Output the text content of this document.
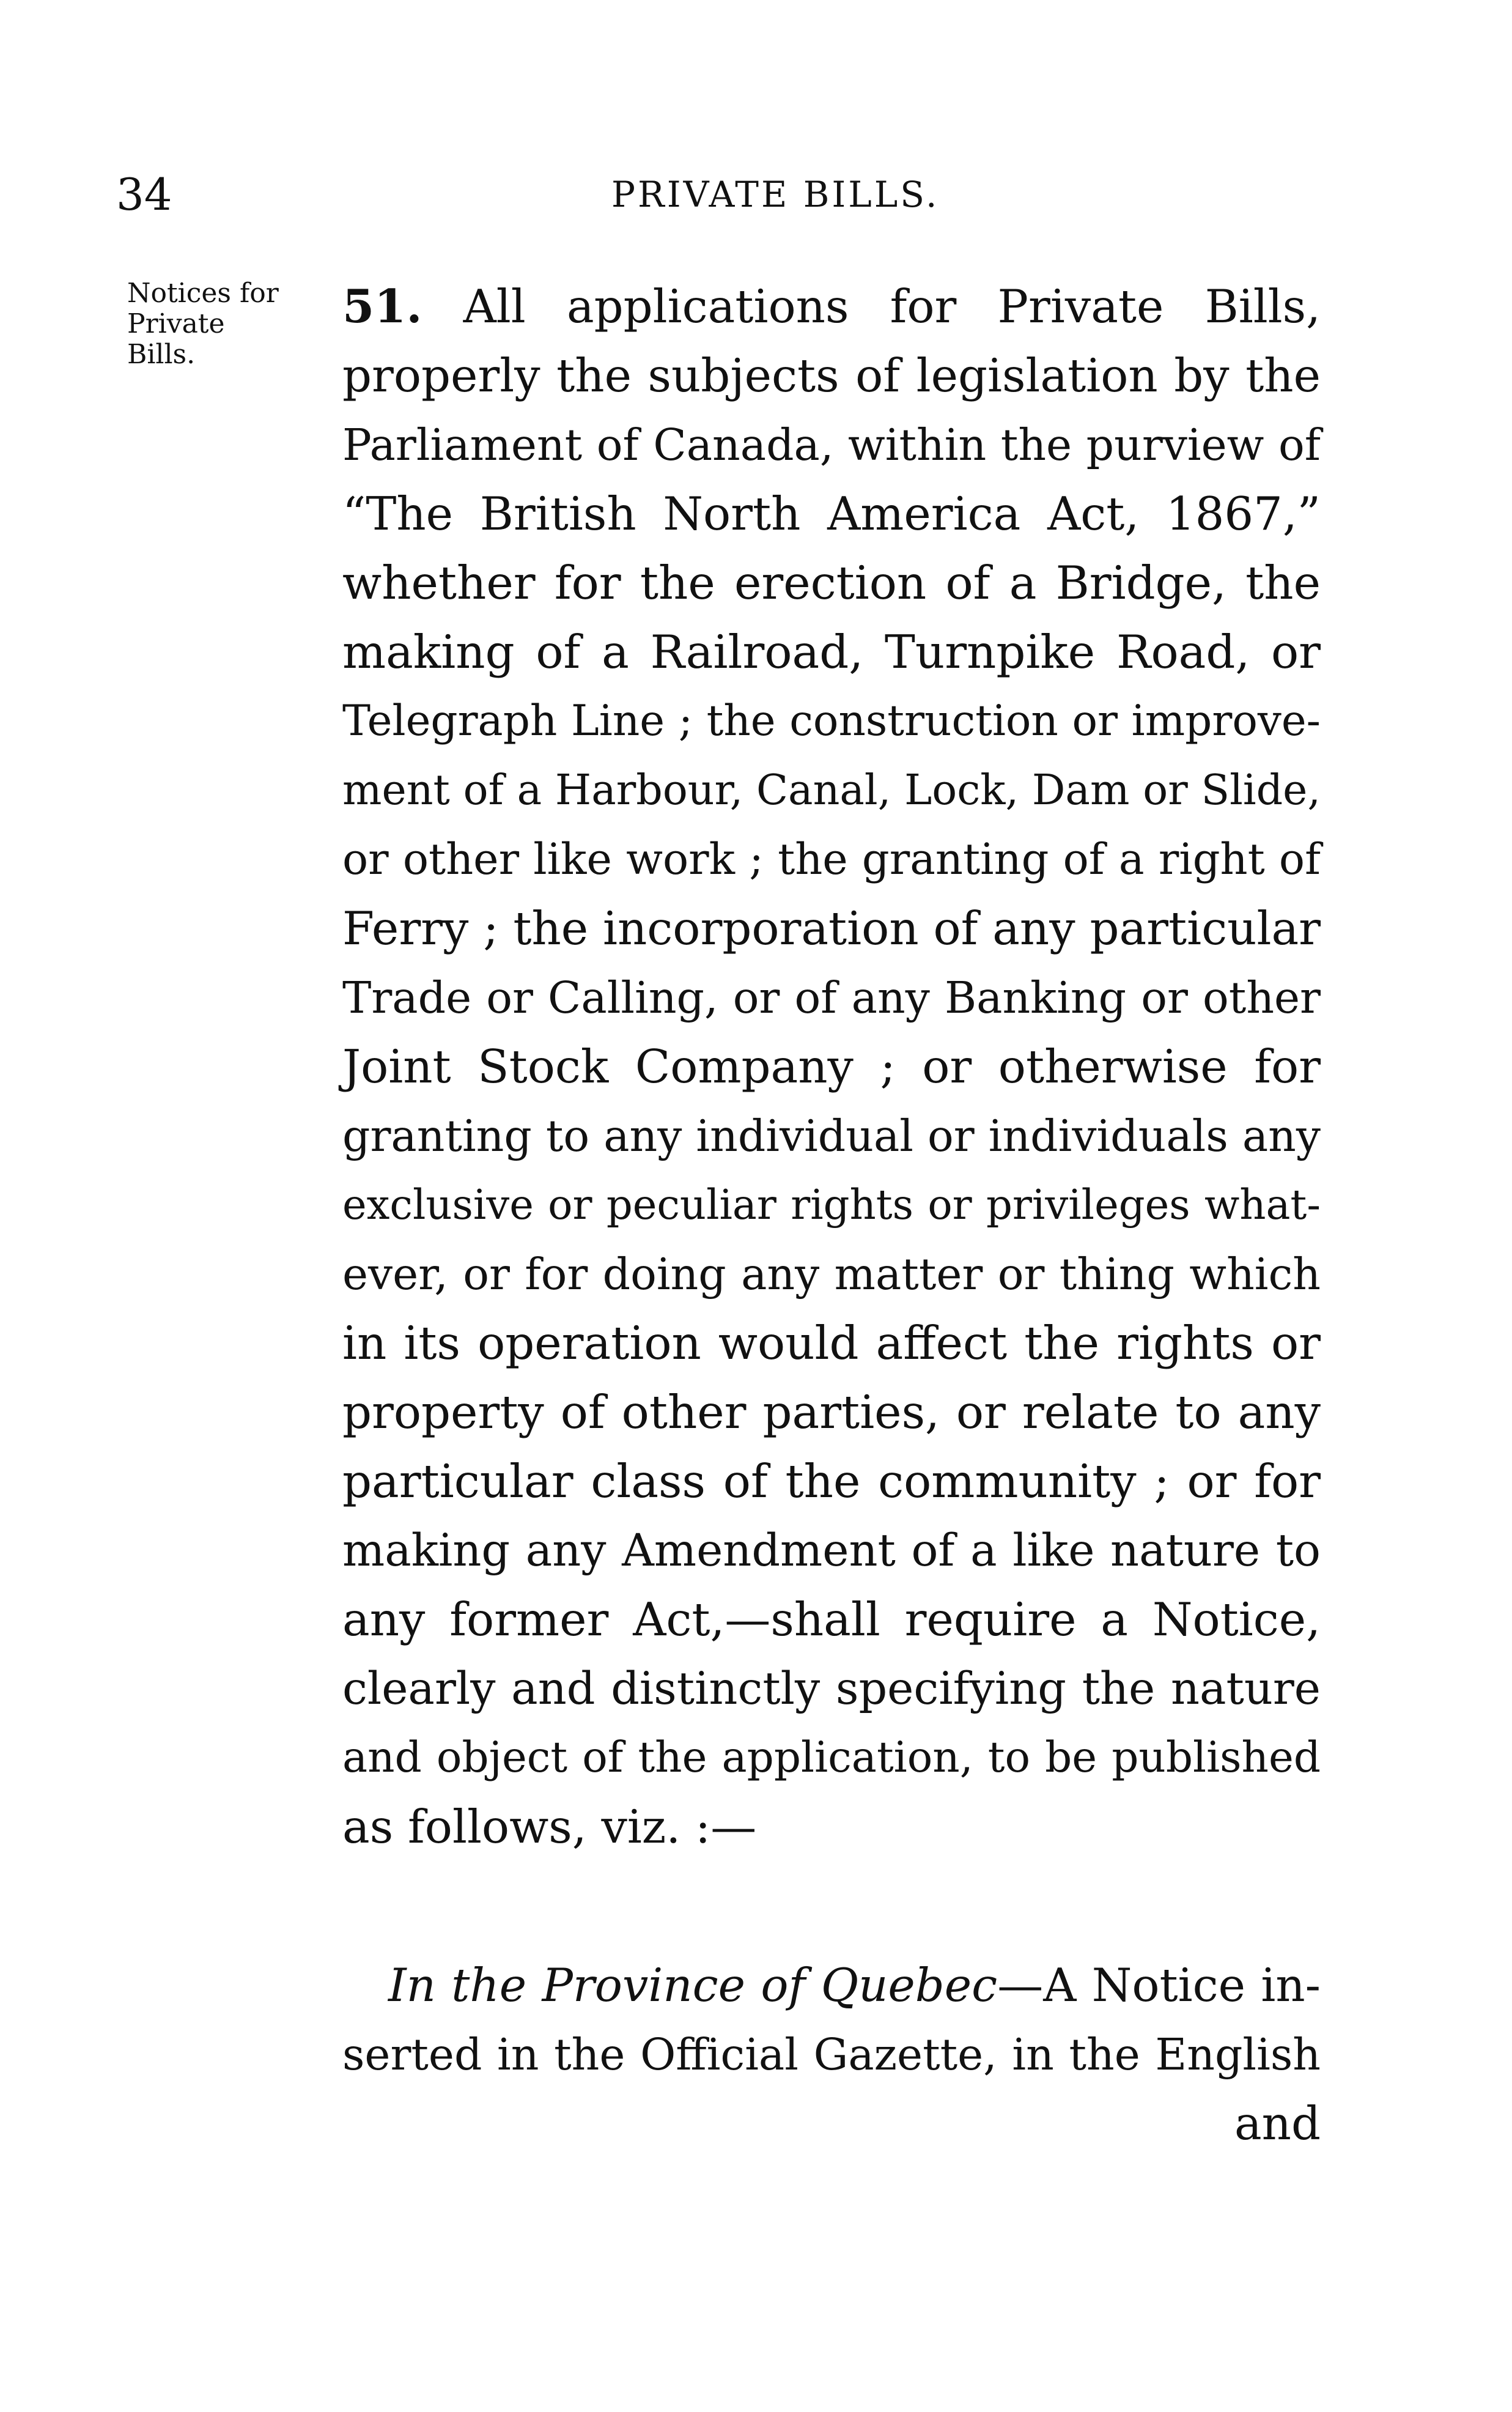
34	PRIVATE BILLS.
Notices for
Private
Bills.
51. All applications for Private Bills,
properly the subjects of legislation by the
Parliament of Canada, within the purview of
“The British North America Act, 1867,”
whether for the erection of a Bridge, the
making of a Railroad, Turnpike Road, or
Telegraph Line ; the construction or improve-
ment of a Harbour, Canal, Lock, Dam or Slide,
or other like work ; the granting of a right of
Ferry ; the incorporation of any particular
Trade or Calling, or of any Banking or other
Joint Stock Company ; or otherwise for
granting to any individual or individuals any
exclusive or peculiar rights or privileges what-
ever, or for doing any matter or thing which
in its operation would affect the rights or
property of other parties, or relate to any
particular class of the community ; or for
making any Amendment of a like nature to
any former Act,—shall require a Notice,
clearly and distinctly specifying the nature
and object of the application, to be published
as follows, viz. :—
In the Province of Quebec—A Notice in-
serted in the Official Gazette, in the English
and
